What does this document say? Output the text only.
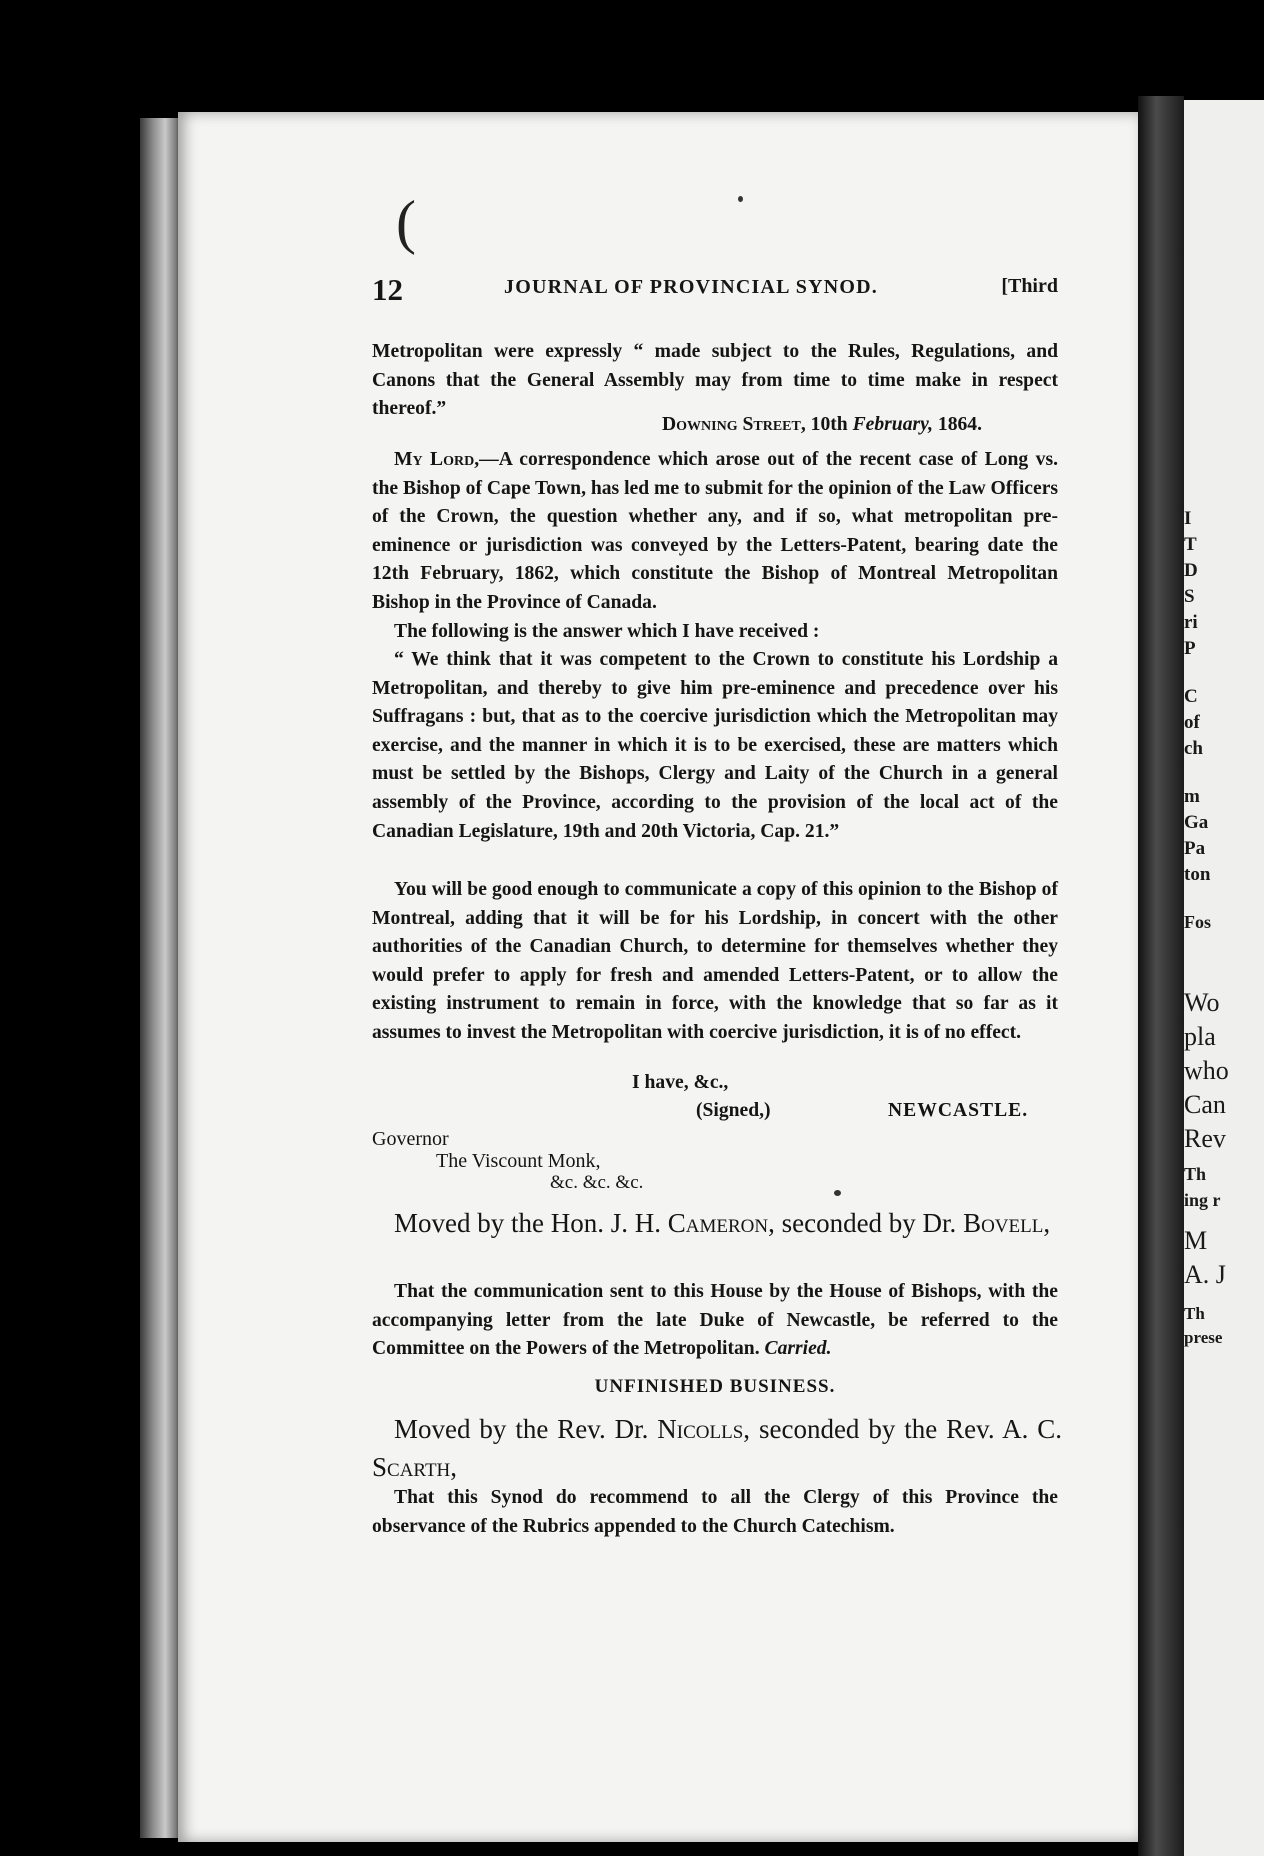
I
T
D
S
ri
P
C
of
ch
m
Ga
Pa
ton
Fos
Wo
pla
who
Can
Rev
Th
ing r
M
A. J
Th
prese
(
12	JOURNAL OF PROVINCIAL SYNOD.	[Third

Metropolitan were expressly “ made subject to the Rules, Regulations, and Canons that the General Assembly may from time to time make in respect thereof.”

Downing Street, 10th February, 1864.

My Lord,—A correspondence which arose out of the recent case of Long vs. the Bishop of Cape Town, has led me to submit for the opinion of the Law Officers of the Crown, the question whether any, and if so, what metropolitan pre-eminence or jurisdiction was conveyed by the Letters-Patent, bearing date the 12th February, 1862, which constitute the Bishop of Montreal Metropolitan Bishop in the Province of Canada.

The following is the answer which I have received :

“ We think that it was competent to the Crown to constitute his Lordship a Metropolitan, and thereby to give him pre-eminence and precedence over his Suffragans : but, that as to the coercive jurisdiction which the Metropolitan may exercise, and the manner in which it is to be exercised, these are matters which must be settled by the Bishops, Clergy and Laity of the Church in a general assembly of the Province, according to the provision of the local act of the Canadian Legislature, 19th and 20th Victoria, Cap. 21.”

You will be good enough to communicate a copy of this opinion to the Bishop of Montreal, adding that it will be for his Lordship, in concert with the other authorities of the Canadian Church, to determine for themselves whether they would prefer to apply for fresh and amended Letters-Patent, or to allow the existing instrument to remain in force, with the knowledge that so far as it assumes to invest the Metropolitan with coercive jurisdiction, it is of no effect.

I have, &c.,
(Signed,)	NEWCASTLE.
Governor
The Viscount Monk,
&c. &c. &c.

Moved by the Hon. J. H. Cameron, seconded by Dr. Bovell,

That the communication sent to this House by the House of Bishops, with the accompanying letter from the late Duke of Newcastle, be referred to the Committee on the Powers of the Metropolitan. Carried.

UNFINISHED BUSINESS.

Moved by the Rev. Dr. Nicolls, seconded by the Rev. A. C. Scarth,

That this Synod do recommend to all the Clergy of this Province the observance of the Rubrics appended to the Church Catechism.
